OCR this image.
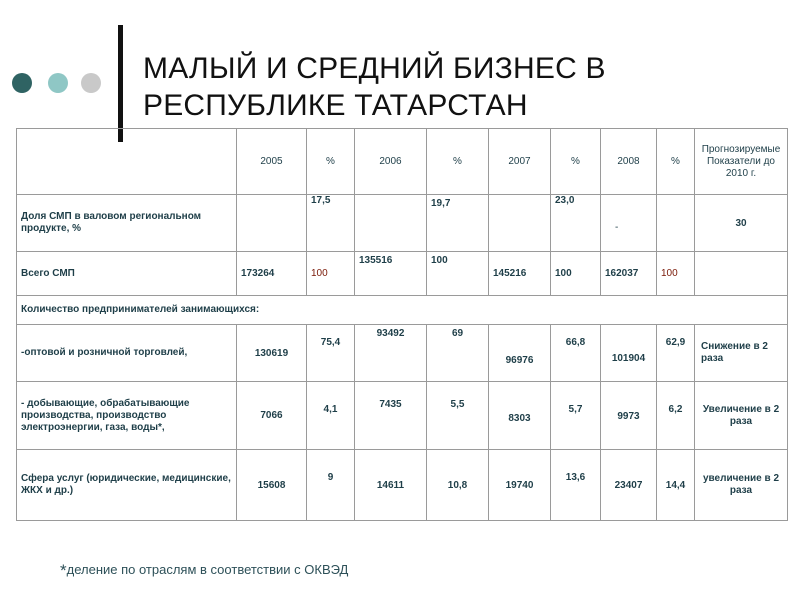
МАЛЫЙ И СРЕДНИЙ БИЗНЕС В
РЕСПУБЛИКЕ ТАТАРСТАН
	2005	%	2006	%	2007	%	2008	%	Прогнозируемые Показатели до 2010 г.
Доля СМП в валовом региональном продукте, %		17,5		19,7		23,0	-		30
Всего СМП	173264	100	135516	100	145216	100	162037	100	
Количество предпринимателей занимающихся:									
-оптовой и розничной торговлей,	130619	75,4	93492	69	96976	66,8	101904	62,9	Снижение в 2 раза
- добывающие, обрабатывающие производства, производство электроэнергии, газа, воды*,	7066	4,1	7435	5,5	8303	5,7	9973	6,2	Увеличение в 2 раза
Сфера услуг (юридические, медицинские, ЖКХ и др.)	15608	9	14611	10,8	19740	13,6	23407	14,4	увеличение в 2 раза
*деление по отраслям в соответствии с ОКВЭД
